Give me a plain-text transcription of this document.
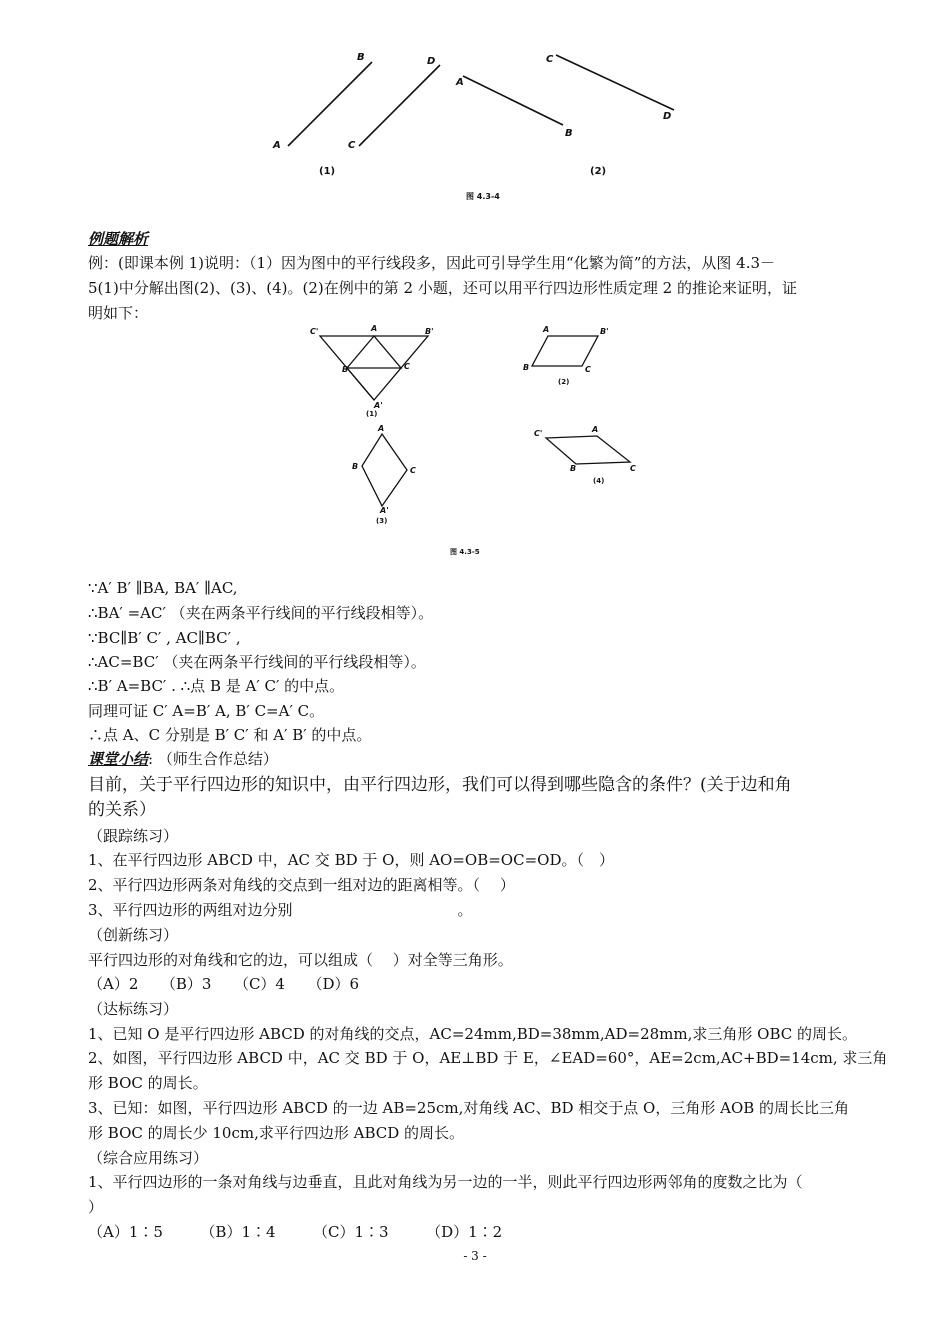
B
A
D
C
C
A
B
D
(1)	(2)
图 4.3-4
例题解析
例：(即课本例 1)说明：（1）因为图中的平行线段多，因此可引导学生用“化繁为简”的方法，从图 4.3－
5(1)中分解出图(2)、(3)、(4)。(2)在例中的第 2 小题，还可以用平行四边形性质定理 2 的推论来证明，证
明如下：
C'	A	B'
B	C
A'
(1)
A	B'
B	C
(2)
A
B	C
A'
(3)
C'	A
B	C
(4)
图 4.3-5
∵A′ B′ ∥BA, BA′ ∥AC,
∴BA′ =AC′ （夹在两条平行线间的平行线段相等）。
∵BC∥B′ C′ , AC∥BC′ ,
∴AC=BC′ （夹在两条平行线间的平行线段相等）。
∴B′ A=BC′ . ∴点 B 是 A′ C′ 的中点。
同理可证 C′ A=B′ A, B′ C=A′ C。
∴点 A、C 分别是 B′ C′ 和 A′ B′ 的中点。
课堂小结: （师生合作总结）
目前，关于平行四边形的知识中，由平行四边形，我们可以得到哪些隐含的条件？(关于边和角
的关系）
（跟踪练习）
1、在平行四边形 ABCD 中，AC 交 BD 于 O，则 AO=OB=OC=OD。（　）
2、平行四边形两条对角线的交点到一组对边的距离相等。（　 ）
3、平行四边形的两组对边分别　　　　　　　　　　　。
（创新练习）
平行四边形的对角线和它的边，可以组成（　 ）对全等三角形。
（A）2　　（B）3　　（C）4　　（D）6
（达标练习）
1、已知 O 是平行四边形 ABCD 的对角线的交点，AC=24mm,BD=38mm,AD=28mm,求三角形 OBC 的周长。
2、如图，平行四边形 ABCD 中，AC 交 BD 于 O，AE⊥BD 于 E，∠EAD=60°，AE=2cm,AC+BD=14cm, 求三角
形 BOC 的周长。
3、已知：如图，平行四边形 ABCD 的一边 AB=25cm,对角线 AC、BD 相交于点 O，三角形 AOB 的周长比三角
形 BOC 的周长少 10cm,求平行四边形 ABCD 的周长。
（综合应用练习）
1、平行四边形的一条对角线与边垂直，且此对角线为另一边的一半，则此平行四边形两邻角的度数之比为（
）
（A）1∶5　　　（B）1∶4　　　（C）1∶3　　　（D）1∶2
- 3 -
